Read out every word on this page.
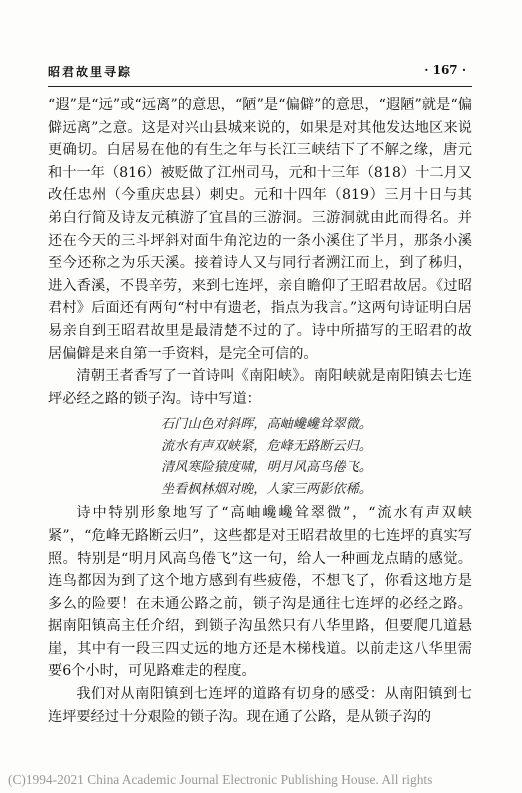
昭君故里寻踪	· 167 ·

“遐”是“远”或“远离”的意思，“陋”是“偏僻”的意思，“遐陋”就是“偏僻远离”之意。这是对兴山县城来说的，如果是对其他发达地区来说更确切。白居易在他的有生之年与长江三峡结下了不解之缘，唐元和十一年（816）被贬做了江州司马，元和十三年（818）十二月又改任忠州（今重庆忠县）刺史。元和十四年（819）三月十日与其弟白行简及诗友元稹游了宜昌的三游洞。三游洞就由此而得名。并还在今天的三斗坪斜对面牛角沱边的一条小溪住了半月，那条小溪至今还称之为乐天溪。接着诗人又与同行者溯江而上，到了秭归，进入香溪，不畏辛劳，来到七连坪，亲自瞻仰了王昭君故居。《过昭君村》后面还有两句“村中有遗老，指点为我言。”这两句诗证明白居易亲自到王昭君故里是最清楚不过的了。诗中所描写的王昭君的故居偏僻是来自第一手资料，是完全可信的。

清朝王者香写了一首诗叫《南阳峡》。南阳峡就是南阳镇去七连坪必经之路的锁子沟。诗中写道：

石门山色对斜晖，高岫巉巉耸翠微。
流水有声双峡紧，危峰无路断云归。
清风寒险猿度啸，明月风高鸟倦飞。
坐看枫林烟对晚，人家三两影依稀。

诗中特别形象地写了“高岫巉巉耸翠微”，“流水有声双峡紧”，“危峰无路断云归”，这些都是对王昭君故里的七连坪的真实写照。特别是“明月风高鸟倦飞”这一句，给人一种画龙点睛的感觉。连鸟都因为到了这个地方感到有些疲倦，不想飞了，你看这地方是多么的险要！在未通公路之前，锁子沟是通往七连坪的必经之路。据南阳镇高主任介绍，到锁子沟虽然只有八华里路，但要爬几道悬崖，其中有一段三四丈远的地方还是木梯栈道。以前走这八华里需要6个小时，可见路难走的程度。

我们对从南阳镇到七连坪的道路有切身的感受：从南阳镇到七连坪要经过十分艰险的锁子沟。现在通了公路，是从锁子沟的

(C)1994-2021 China Academic Journal Electronic Publishing House. All rights
